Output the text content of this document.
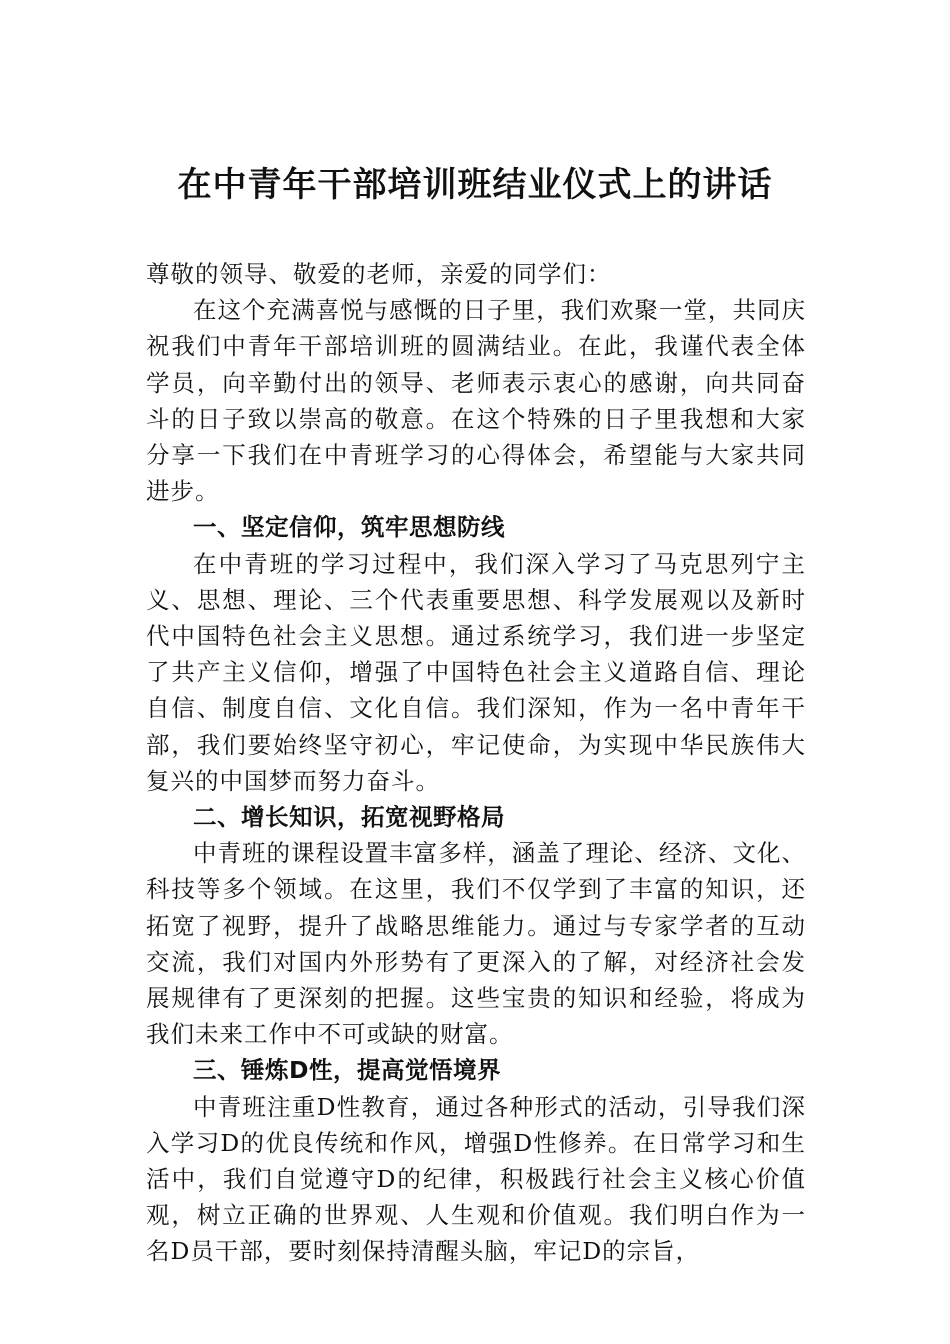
在中青年干部培训班结业仪式上的讲话

尊敬的领导、敬爱的老师，亲爱的同学们：

在这个充满喜悦与感慨的日子里，我们欢聚一堂，共同庆祝我们中青年干部培训班的圆满结业。在此，我谨代表全体学员，向辛勤付出的领导、老师表示衷心的感谢，向共同奋斗的日子致以崇高的敬意。在这个特殊的日子里我想和大家分享一下我们在中青班学习的心得体会，希望能与大家共同进步。

一、坚定信仰，筑牢思想防线

在中青班的学习过程中，我们深入学习了马克思列宁主义、思想、理论、三个代表重要思想、科学发展观以及新时代中国特色社会主义思想。通过系统学习，我们进一步坚定了共产主义信仰，增强了中国特色社会主义道路自信、理论自信、制度自信、文化自信。我们深知，作为一名中青年干部，我们要始终坚守初心，牢记使命，为实现中华民族伟大复兴的中国梦而努力奋斗。

二、增长知识，拓宽视野格局

中青班的课程设置丰富多样，涵盖了理论、经济、文化、科技等多个领域。在这里，我们不仅学到了丰富的知识，还拓宽了视野，提升了战略思维能力。通过与专家学者的互动交流，我们对国内外形势有了更深入的了解，对经济社会发展规律有了更深刻的把握。这些宝贵的知识和经验，将成为我们未来工作中不可或缺的财富。

三、锤炼D性，提高觉悟境界

中青班注重D性教育，通过各种形式的活动，引导我们深入学习D的优良传统和作风，增强D性修养。在日常学习和生活中，我们自觉遵守D的纪律，积极践行社会主义核心价值观，树立正确的世界观、人生观和价值观。我们明白作为一名D员干部，要时刻保持清醒头脑，牢记D的宗旨，
